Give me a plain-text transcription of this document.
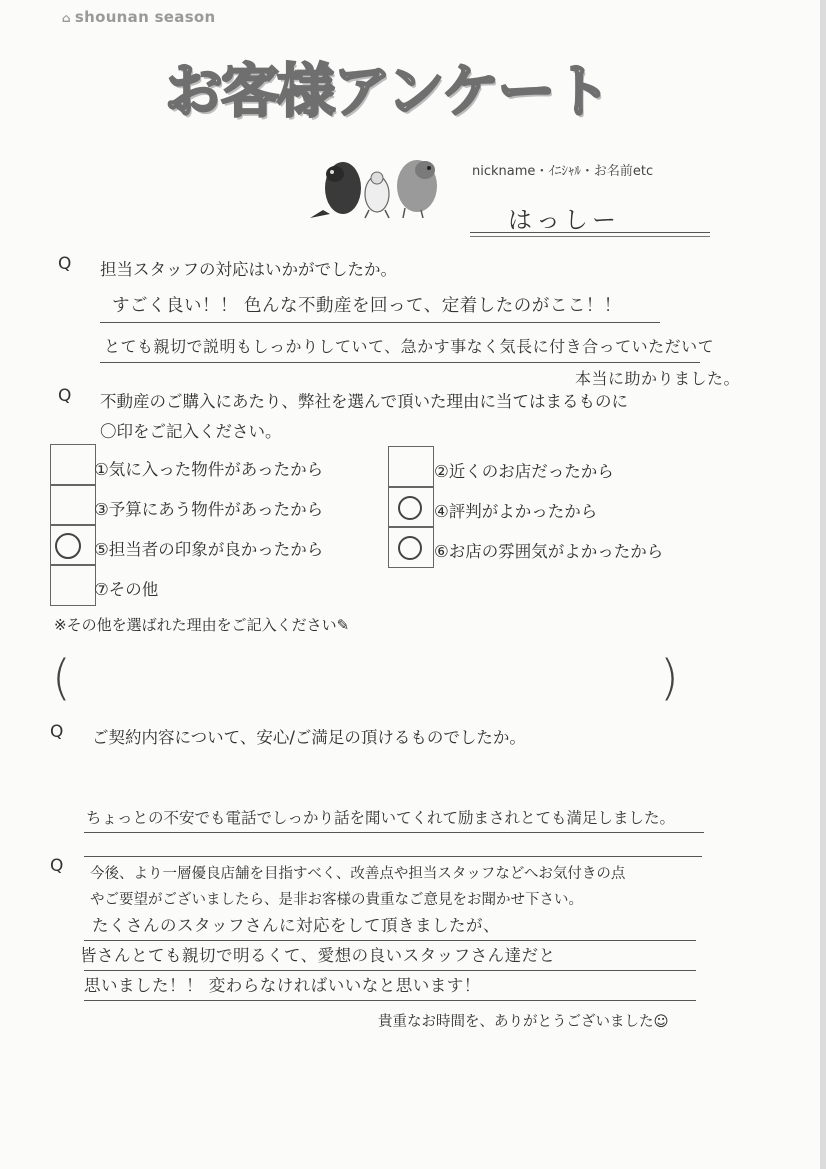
⌂ shounan season
お客様アンケート
nickname・ｲﾆｼｬﾙ・お名前etc
はっしー
Q 担当スタッフの対応はいかがでしたか。
すごく良い！！ 色んな不動産を回って、定着したのがここ！！
とても親切で説明もしっかりしていて、急かす事なく気長に付き合っていただいて
本当に助かりました。
Q 不動産のご購入にあたり、弊社を選んで頂いた理由に当てはまるものに
〇印をご記入ください。
①気に入った物件があったから
③予算にあう物件があったから
⑤担当者の印象が良かったから
⑦その他
②近くのお店だったから
④評判がよかったから
⑥お店の雰囲気がよかったから
※その他を選ばれた理由をご記入ください✎
(	)
Q ご契約内容について、安心/ご満足の頂けるものでしたか。
ちょっとの不安でも電話でしっかり話を聞いてくれて励まされとても満足しました。
Q 今後、より一層優良店舗を目指すべく、改善点や担当スタッフなどへお気付きの点
やご要望がございましたら、是非お客様の貴重なご意見をお聞かせ下さい。
たくさんのスタッフさんに対応をして頂きましたが、
皆さんとても親切で明るくて、愛想の良いスタッフさん達だと
思いました！！ 変わらなければいいなと思います！
貴重なお時間を、ありがとうございました☺
